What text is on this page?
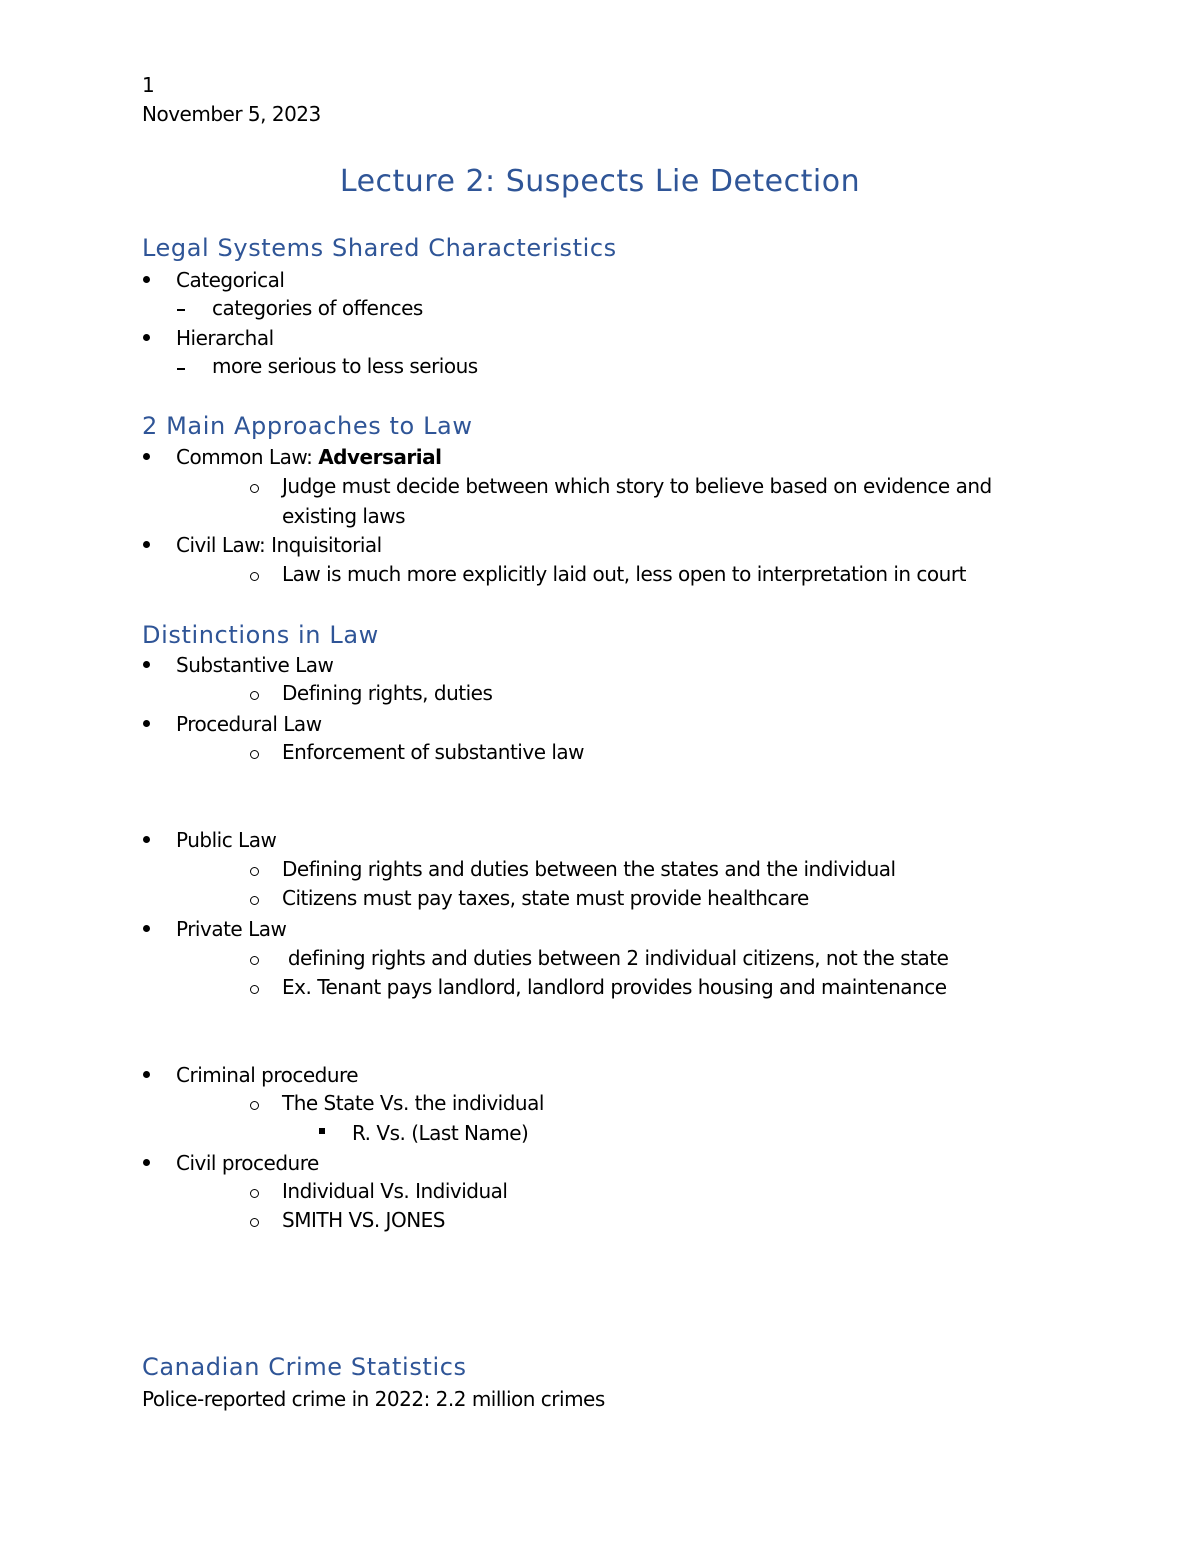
1
November 5, 2023
Lecture 2: Suspects Lie Detection
Legal Systems Shared Characteristics
Categorical
categories of offences
Hierarchal
more serious to less serious
2 Main Approaches to Law
Common Law: Adversarial
Judge must decide between which story to believe based on evidence and
existing laws
Civil Law: Inquisitorial
Law is much more explicitly laid out, less open to interpretation in court
Distinctions in Law
Substantive Law
Defining rights, duties
Procedural Law
Enforcement of substantive law
Public Law
Defining rights and duties between the states and the individual
Citizens must pay taxes, state must provide healthcare
Private Law
defining rights and duties between 2 individual citizens, not the state
Ex. Tenant pays landlord, landlord provides housing and maintenance
Criminal procedure
The State Vs. the individual
R. Vs. (Last Name)
Civil procedure
Individual Vs. Individual
SMITH VS. JONES
Canadian Crime Statistics
Police-reported crime in 2022: 2.2 million crimes
